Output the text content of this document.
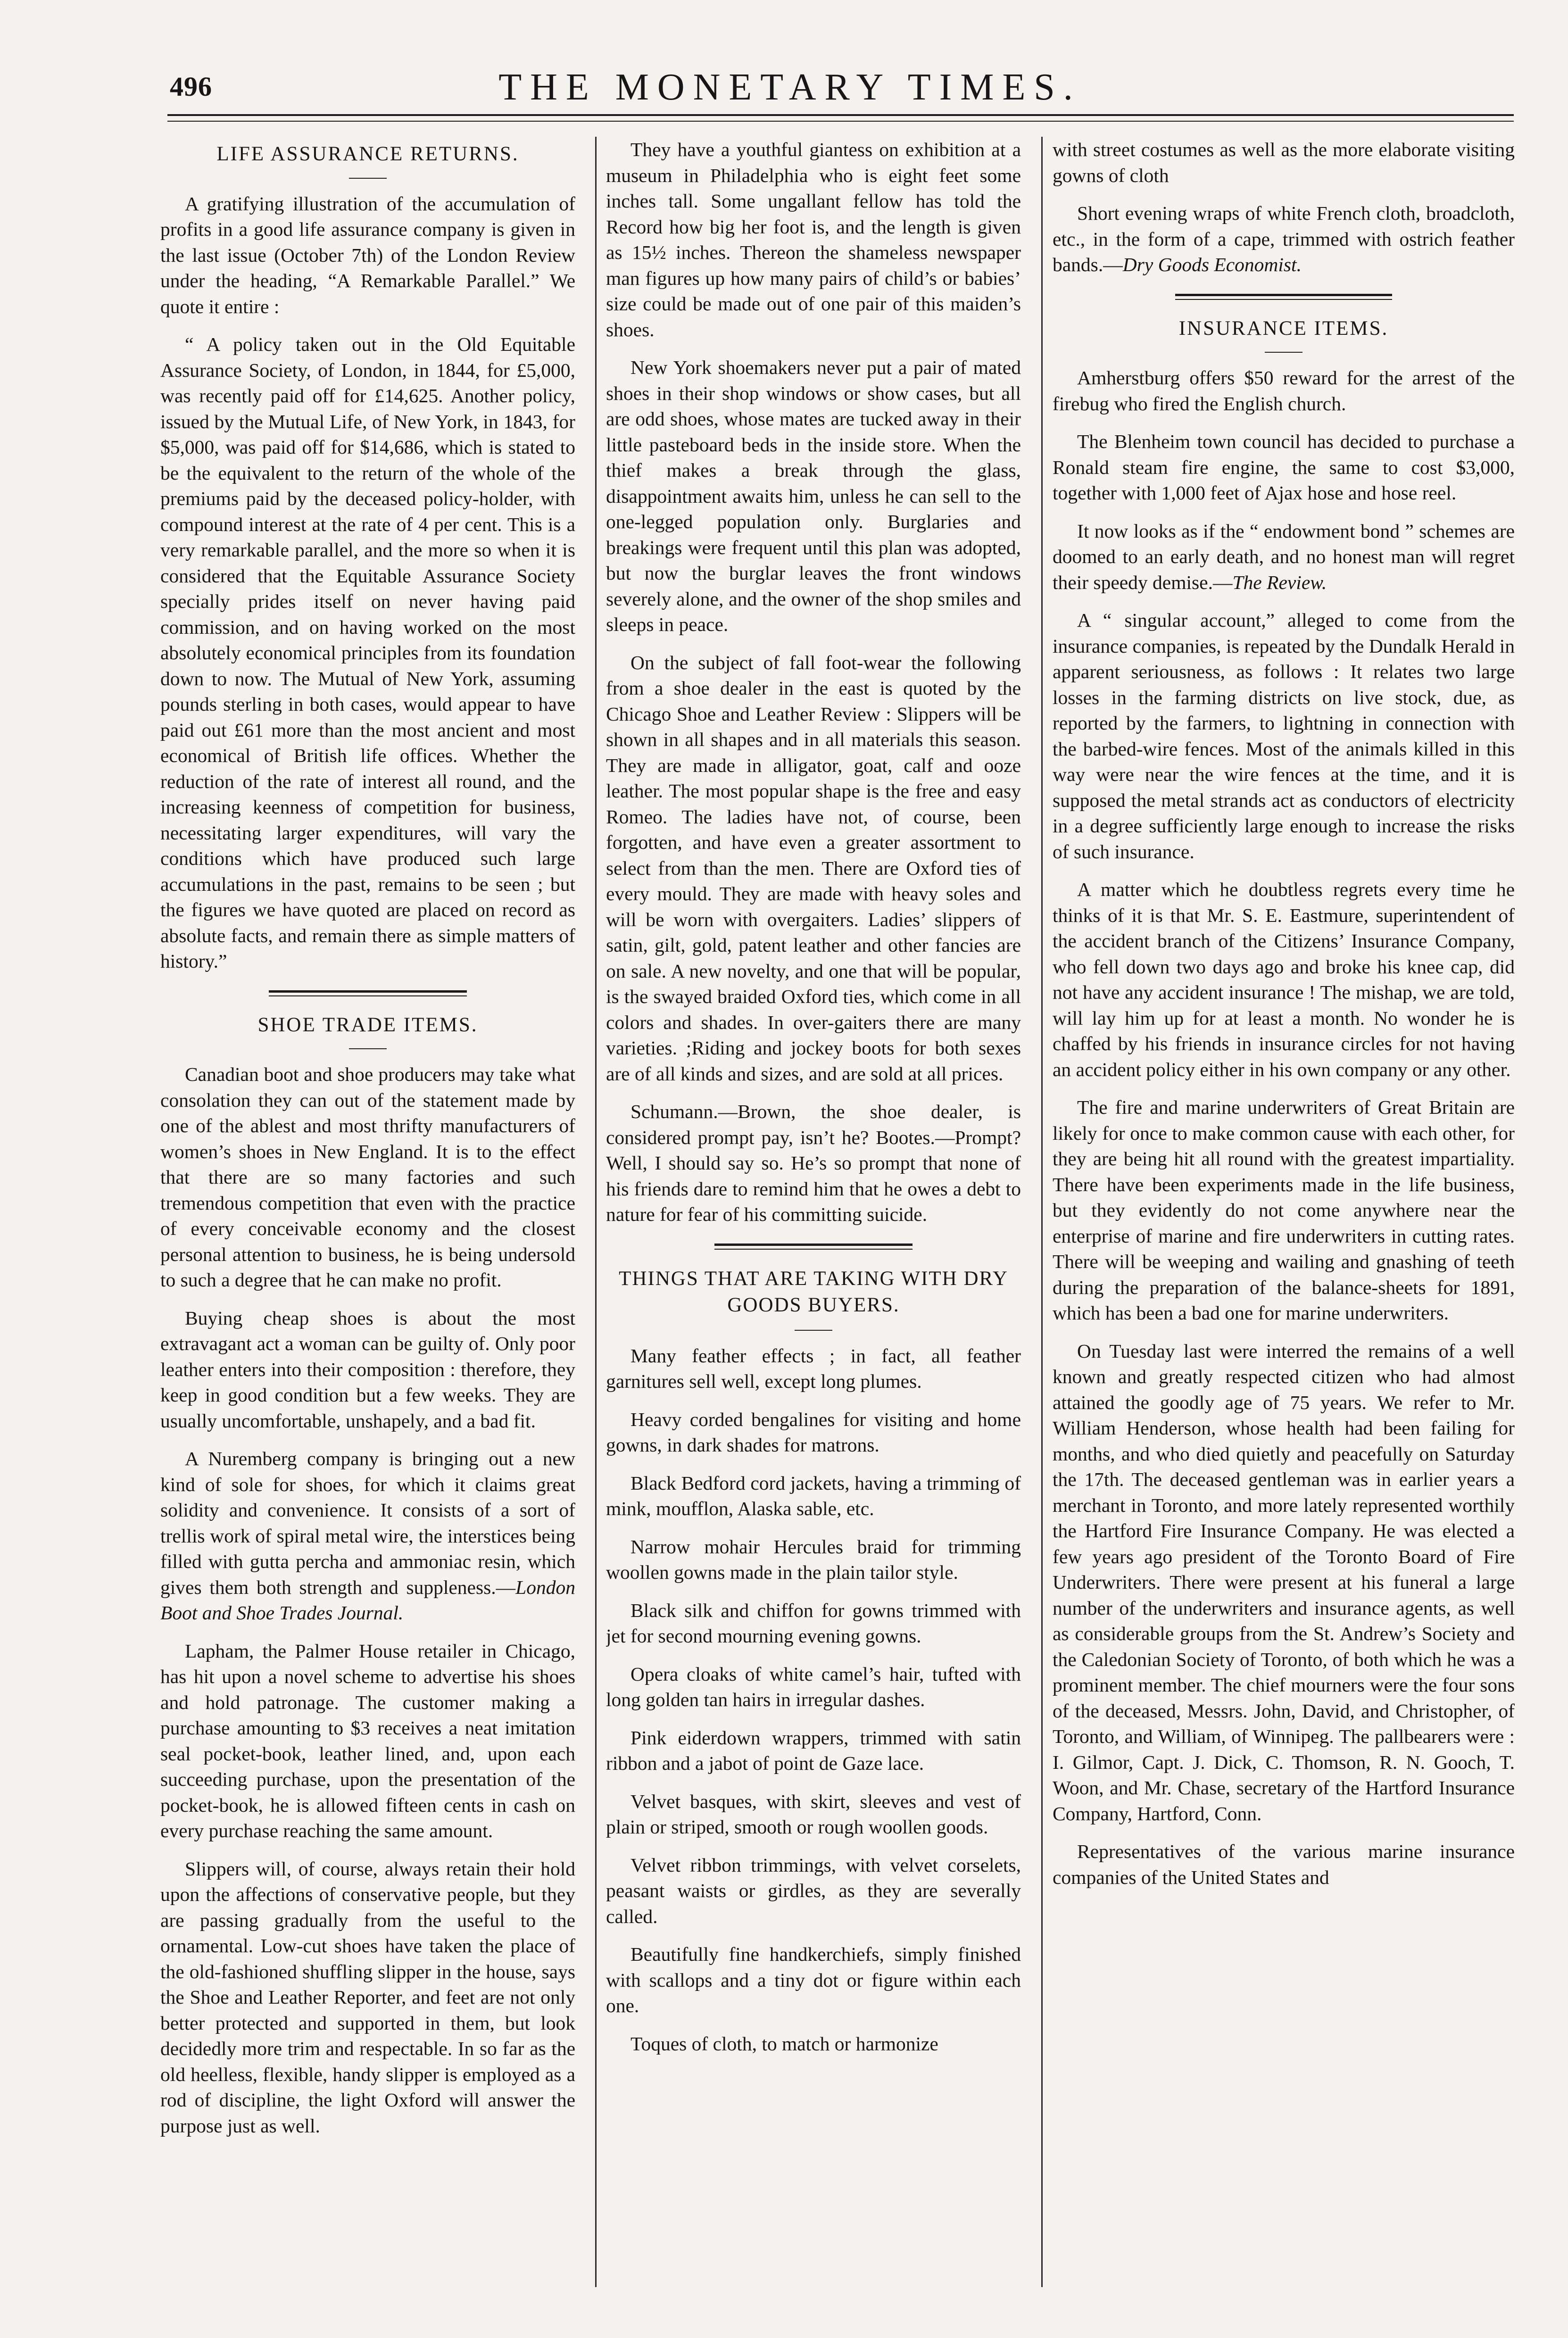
496	THE MONETARY TIMES.
LIFE ASSURANCE RETURNS.

A gratifying illustration of the accumulation of profits in a good life assurance company is given in the last issue (October 7th) of the London Review under the heading, “A Remarkable Parallel.” We quote it entire :

“ A policy taken out in the Old Equitable Assurance Society, of London, in 1844, for £5,000, was recently paid off for £14,625. Another policy, issued by the Mutual Life, of New York, in 1843, for $5,000, was paid off for $14,686, which is stated to be the equivalent to the return of the whole of the premiums paid by the deceased policy-holder, with compound interest at the rate of 4 per cent. This is a very remarkable parallel, and the more so when it is considered that the Equitable Assurance Society specially prides itself on never having paid commission, and on having worked on the most absolutely economical principles from its foundation down to now. The Mutual of New York, assuming pounds sterling in both cases, would appear to have paid out £61 more than the most ancient and most economical of British life offices. Whether the reduction of the rate of interest all round, and the increasing keenness of competition for business, necessitating larger expenditures, will vary the conditions which have produced such large accumulations in the past, remains to be seen ; but the figures we have quoted are placed on record as absolute facts, and remain there as simple matters of history.”

SHOE TRADE ITEMS.

Canadian boot and shoe producers may take what consolation they can out of the statement made by one of the ablest and most thrifty manufacturers of women’s shoes in New England. It is to the effect that there are so many factories and such tremendous competition that even with the practice of every conceivable economy and the closest personal attention to business, he is being undersold to such a degree that he can make no profit.

Buying cheap shoes is about the most extravagant act a woman can be guilty of. Only poor leather enters into their composition : therefore, they keep in good condition but a few weeks. They are usually uncomfortable, unshapely, and a bad fit.

A Nuremberg company is bringing out a new kind of sole for shoes, for which it claims great solidity and convenience. It consists of a sort of trellis work of spiral metal wire, the interstices being filled with gutta percha and ammoniac resin, which gives them both strength and suppleness.—London Boot and Shoe Trades Journal.

Lapham, the Palmer House retailer in Chicago, has hit upon a novel scheme to advertise his shoes and hold patronage. The customer making a purchase amounting to $3 receives a neat imitation seal pocket-book, leather lined, and, upon each succeeding purchase, upon the presentation of the pocket-book, he is allowed fifteen cents in cash on every purchase reaching the same amount.

Slippers will, of course, always retain their hold upon the affections of conservative people, but they are passing gradually from the useful to the ornamental. Low-cut shoes have taken the place of the old-fashioned shuffling slipper in the house, says the Shoe and Leather Reporter, and feet are not only better protected and supported in them, but look decidedly more trim and respectable. In so far as the old heelless, flexible, handy slipper is employed as a rod of discipline, the light Oxford will answer the purpose just as well.

They have a youthful giantess on exhibition at a museum in Philadelphia who is eight feet some inches tall. Some ungallant fellow has told the Record how big her foot is, and the length is given as 15½ inches. Thereon the shameless newspaper man figures up how many pairs of child’s or babies’ size could be made out of one pair of this maiden’s shoes.

New York shoemakers never put a pair of mated shoes in their shop windows or show cases, but all are odd shoes, whose mates are tucked away in their little pasteboard beds in the inside store. When the thief makes a break through the glass, disappointment awaits him, unless he can sell to the one-legged population only. Burglaries and breakings were frequent until this plan was adopted, but now the burglar leaves the front windows severely alone, and the owner of the shop smiles and sleeps in peace.

On the subject of fall foot-wear the following from a shoe dealer in the east is quoted by the Chicago Shoe and Leather Review : Slippers will be shown in all shapes and in all materials this season. They are made in alligator, goat, calf and ooze leather. The most popular shape is the free and easy Romeo. The ladies have not, of course, been forgotten, and have even a greater assortment to select from than the men. There are Oxford ties of every mould. They are made with heavy soles and will be worn with overgaiters. Ladies’ slippers of satin, gilt, gold, patent leather and other fancies are on sale. A new novelty, and one that will be popular, is the swayed braided Oxford ties, which come in all colors and shades. In over-gaiters there are many varieties. ;Riding and jockey boots for both sexes are of all kinds and sizes, and are sold at all prices.

Schumann.—Brown, the shoe dealer, is considered prompt pay, isn’t he? Bootes.—Prompt? Well, I should say so. He’s so prompt that none of his friends dare to remind him that he owes a debt to nature for fear of his committing suicide.

THINGS THAT ARE TAKING WITH DRY GOODS BUYERS.

Many feather effects ; in fact, all feather garnitures sell well, except long plumes.

Heavy corded bengalines for visiting and home gowns, in dark shades for matrons.

Black Bedford cord jackets, having a trimming of mink, moufflon, Alaska sable, etc.

Narrow mohair Hercules braid for trimming woollen gowns made in the plain tailor style.

Black silk and chiffon for gowns trimmed with jet for second mourning evening gowns.

Opera cloaks of white camel’s hair, tufted with long golden tan hairs in irregular dashes.

Pink eiderdown wrappers, trimmed with satin ribbon and a jabot of point de Gaze lace.

Velvet basques, with skirt, sleeves and vest of plain or striped, smooth or rough woollen goods.

Velvet ribbon trimmings, with velvet corselets, peasant waists or girdles, as they are severally called.

Beautifully fine handkerchiefs, simply finished with scallops and a tiny dot or figure within each one.

Toques of cloth, to match or harmonize

with street costumes as well as the more elaborate visiting gowns of cloth

Short evening wraps of white French cloth, broadcloth, etc., in the form of a cape, trimmed with ostrich feather bands.—Dry Goods Economist.

INSURANCE ITEMS.

Amherstburg offers $50 reward for the arrest of the firebug who fired the English church.

The Blenheim town council has decided to purchase a Ronald steam fire engine, the same to cost $3,000, together with 1,000 feet of Ajax hose and hose reel.

It now looks as if the “ endowment bond ” schemes are doomed to an early death, and no honest man will regret their speedy demise.—The Review.

A “ singular account,” alleged to come from the insurance companies, is repeated by the Dundalk Herald in apparent seriousness, as follows : It relates two large losses in the farming districts on live stock, due, as reported by the farmers, to lightning in connection with the barbed-wire fences. Most of the animals killed in this way were near the wire fences at the time, and it is supposed the metal strands act as conductors of electricity in a degree sufficiently large enough to increase the risks of such insurance.

A matter which he doubtless regrets every time he thinks of it is that Mr. S. E. Eastmure, superintendent of the accident branch of the Citizens’ Insurance Company, who fell down two days ago and broke his knee cap, did not have any accident insurance ! The mishap, we are told, will lay him up for at least a month. No wonder he is chaffed by his friends in insurance circles for not having an accident policy either in his own company or any other.

The fire and marine underwriters of Great Britain are likely for once to make common cause with each other, for they are being hit all round with the greatest impartiality. There have been experiments made in the life business, but they evidently do not come anywhere near the enterprise of marine and fire underwriters in cutting rates. There will be weeping and wailing and gnashing of teeth during the preparation of the balance-sheets for 1891, which has been a bad one for marine underwriters.

On Tuesday last were interred the remains of a well known and greatly respected citizen who had almost attained the goodly age of 75 years. We refer to Mr. William Henderson, whose health had been failing for months, and who died quietly and peacefully on Saturday the 17th. The deceased gentleman was in earlier years a merchant in Toronto, and more lately represented worthily the Hartford Fire Insurance Company. He was elected a few years ago president of the Toronto Board of Fire Underwriters. There were present at his funeral a large number of the underwriters and insurance agents, as well as considerable groups from the St. Andrew’s Society and the Caledonian Society of Toronto, of both which he was a prominent member. The chief mourners were the four sons of the deceased, Messrs. John, David, and Christopher, of Toronto, and William, of Winnipeg. The pallbearers were : I. Gilmor, Capt. J. Dick, C. Thomson, R. N. Gooch, T. Woon, and Mr. Chase, secretary of the Hartford Insurance Company, Hartford, Conn.

Representatives of the various marine insurance companies of the United States and
